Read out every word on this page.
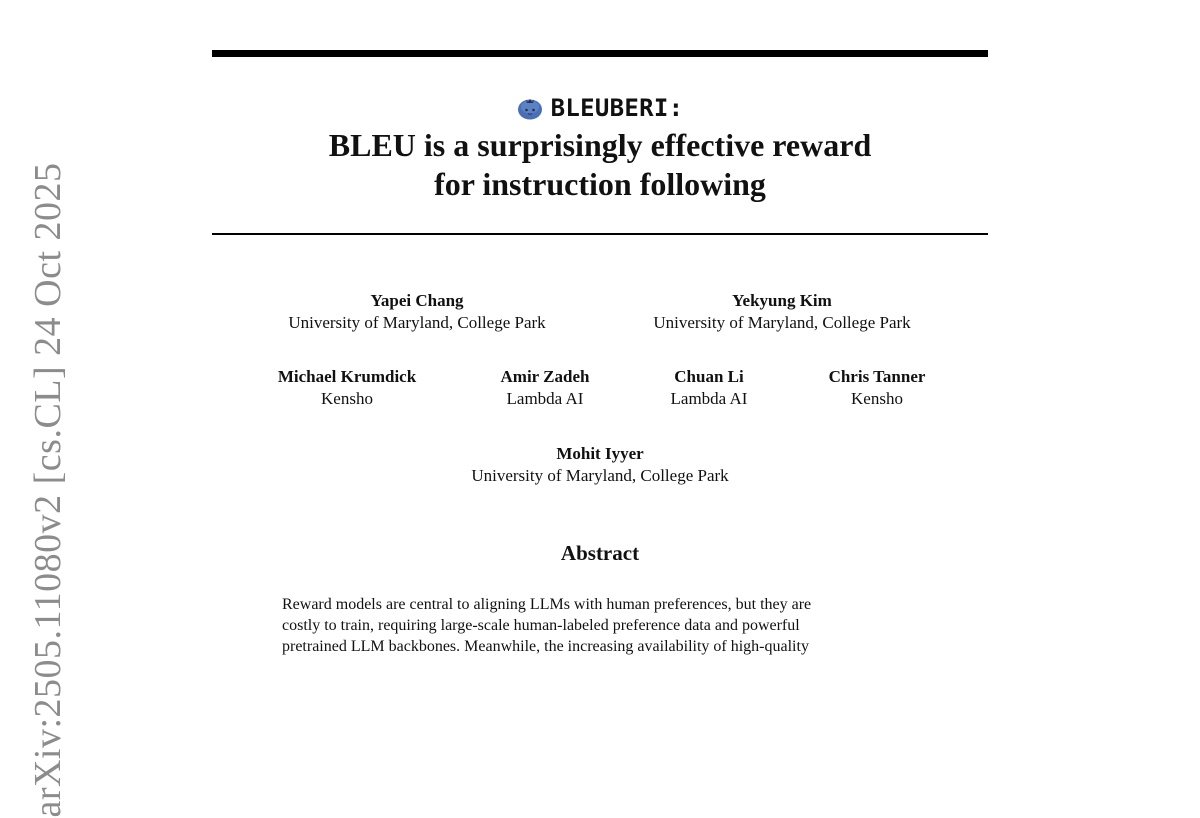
arXiv:2505.11080v2 [cs.CL] 24 Oct 2025
BLEUBERI:
BLEU is a surprisingly effective reward
for instruction following
Yapei Chang
University of Maryland, College Park
Yekyung Kim
University of Maryland, College Park
Michael Krumdick
Kensho
Amir Zadeh
Lambda AI
Chuan Li
Lambda AI
Chris Tanner
Kensho
Mohit Iyyer
University of Maryland, College Park
Abstract
Reward models are central to aligning LLMs with human preferences, but they are
costly to train, requiring large-scale human-labeled preference data and powerful
pretrained LLM backbones. Meanwhile, the increasing availability of high-quality
